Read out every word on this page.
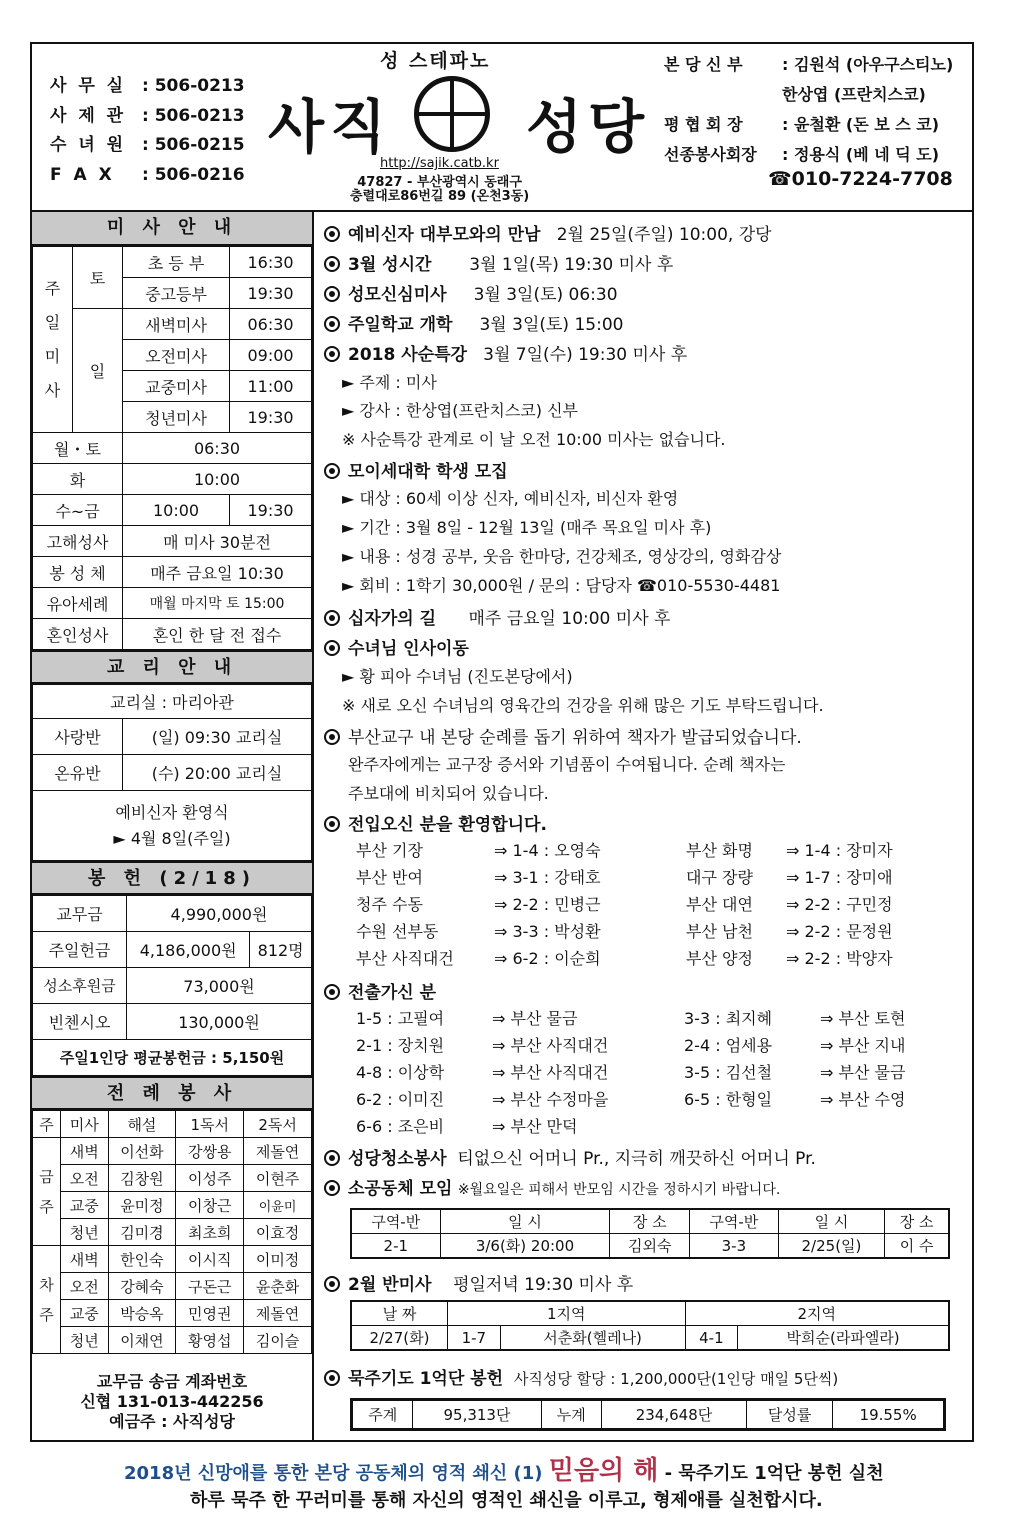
사 무 실 : 506-0213
사 제 관 : 506-0213
수 녀 원 : 506-0215
F A X : 506-0216
성 스테파노
사직 성당
http://sajik.catb.kr
47827 - 부산광역시 동래구
충렬대로86번길 89 (온천3동)
본 당 신 부 : 김원석 (아우구스티노)
한상엽 (프란치스코)
평 협 회 장 : 윤철환 (돈 보 스 코)
선종봉사회장 : 정용식 (베 네 딕 도)
☎010-7224-7708
미 사 안 내
주
일
미
사	토	초 등 부	16:30
		중고등부	19:30
	일	새벽미사	06:30
		오전미사	09:00
		교중미사	11:00
		청년미사	19:30
월・토		06:30	
화		10:00	
수~금		10:00	19:30
고해성사		매 미사 30분전	
봉 성 체		매주 금요일 10:30	
유아세례		매월 마지막 토 15:00	
혼인성사		혼인 한 달 전 접수	
교 리 안 내
교리실 : 마리아관	
사랑반	(일) 09:30 교리실
온유반	(수) 20:00 교리실

예비신자 환영식
► 4월 8일(주일)	
봉 헌 (2/18)
교무금	4,990,000원	
주일헌금	4,186,000원	812명
성소후원금	73,000원	
빈첸시오	130,000원	
주일1인당 평균봉헌금 : 5,150원		
전 례 봉 사
주	미사	해설	1독서	2독서
금
주	새벽	이선화	강쌍용	제돌연
	오전	김창원	이성주	이현주
	교중	윤미정	이창근	이윤미
	청년	김미경	최초희	이효정
차
주	새벽	한인숙	이시직	이미정
	오전	강혜숙	구돈근	윤춘화
	교중	박승옥	민영권	제돌연
	청년	이채연	황영섭	김이슬
교무금 송금 계좌번호
신협 131-013-442256
예금주 : 사직성당
예비신자 대부모와의 만남 2월 25일(주일) 10:00, 강당
3월 성시간 3월 1일(목) 19:30 미사 후
성모신심미사 3월 3일(토) 06:30
주일학교 개학 3월 3일(토) 15:00
2018 사순특강 3월 7일(수) 19:30 미사 후
► 주제 : 미사
► 강사 : 한상엽(프란치스코) 신부
※ 사순특강 관계로 이 날 오전 10:00 미사는 없습니다.
모이세대학 학생 모집
► 대상 : 60세 이상 신자, 예비신자, 비신자 환영
► 기간 : 3월 8일 - 12월 13일 (매주 목요일 미사 후)
► 내용 : 성경 공부, 웃음 한마당, 건강체조, 영상강의, 영화감상
► 회비 : 1학기 30,000원 / 문의 : 담당자 ☎010-5530-4481
십자가의 길 매주 금요일 10:00 미사 후
수녀님 인사이동
► 황 피아 수녀님 (진도본당에서)
※ 새로 오신 수녀님의 영육간의 건강을 위해 많은 기도 부탁드립니다.
부산교구 내 본당 순례를 돕기 위하여 책자가 발급되었습니다.
완주자에게는 교구장 증서와 기념품이 수여됩니다. 순례 책자는
주보대에 비치되어 있습니다.
전입오신 분을 환영합니다.
부산 기장	⇒ 1-4 : 오영숙	부산 화명 ⇒ 1-4 : 장미자
부산 반여	⇒ 3-1 : 강태호	대구 장량 ⇒ 1-7 : 장미애
청주 수동	⇒ 2-2 : 민병근	부산 대연 ⇒ 2-2 : 구민정
수원 선부동	⇒ 3-3 : 박성환	부산 남천 ⇒ 2-2 : 문정원
부산 사직대건	⇒ 6-2 : 이순희	부산 양정 ⇒ 2-2 : 박양자
전출가신 분
1-5 : 고필여	⇒ 부산 물금	3-3 : 최지혜	⇒ 부산 토현
2-1 : 장치원	⇒ 부산 사직대건	2-4 : 엄세용	⇒ 부산 지내
4-8 : 이상학	⇒ 부산 사직대건	3-5 : 김선철	⇒ 부산 물금
6-2 : 이미진	⇒ 부산 수정마을	6-5 : 한형일	⇒ 부산 수영
6-6 : 조은비	⇒ 부산 만덕
성당청소봉사 티없으신 어머니 Pr., 지극히 깨끗하신 어머니 Pr.
소공동체 모임 ※월요일은 피해서 반모임 시간을 정하시기 바랍니다.
구역-반	일 시	장 소	구역-반	일 시	장 소
2-1	3/6(화) 20:00	김외숙	3-3	2/25(일)	이 수
2월 반미사 평일저녁 19:30 미사 후
날 짜	1지역		2지역	
2/27(화)	1-7	서춘화(헬레나)	4-1	박희순(라파엘라)
묵주기도 1억단 봉헌 사직성당 할당 : 1,200,000단(1인당 매일 5단씩)
주계	95,313단	누계	234,648단	달성률	19.55%
2018년 신망애를 통한 본당 공동체의 영적 쇄신 (1) 믿음의 해 - 묵주기도 1억단 봉헌 실천
하루 묵주 한 꾸러미를 통해 자신의 영적인 쇄신을 이루고, 형제애를 실천합시다.
